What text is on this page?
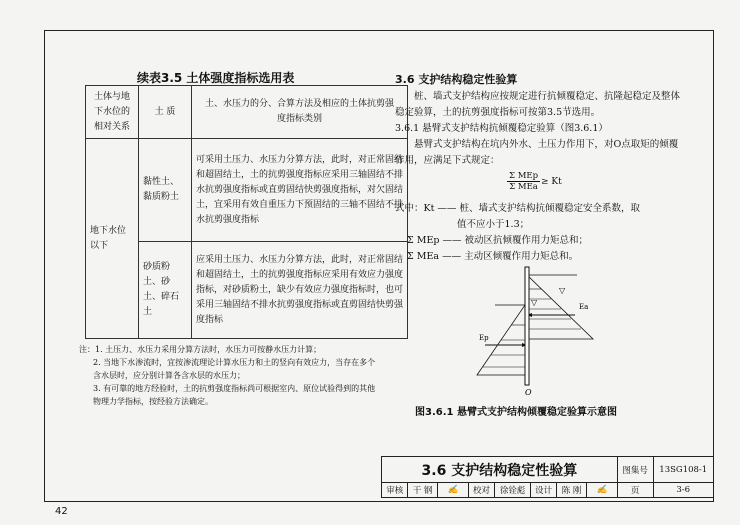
续表3.5 土体强度指标选用表
土体与地下水位的相对关系	土 质	土、水压力的分、合算方法及相应的土体抗剪强度指标类别
地下水位以下	黏性土、黏质粉土	可采用土压力、水压力分算方法，此时，对正常固结和超固结土，土的抗剪强度指标应采用三轴固结不排水抗剪强度指标或直剪固结快剪强度指标，对欠固结土，宜采用有效自重压力下预固结的三轴不固结不排水抗剪强度指标
	砂质粉土、砂土、碎石土	应采用土压力、水压力分算方法，此时，对正常固结和超固结土，土的抗剪强度指标应采用有效应力强度指标，对砂质粉土，缺少有效应力强度指标时，也可采用三轴固结不排水抗剪强度指标或直剪固结快剪强度指标
注：1. 土压力、水压力采用分算方法时，水压力可按静水压力计算；
2. 当地下水渗流时，宜按渗流理论计算水压力和土的竖向有效应力，当存在多个含水层时，应分别计算各含水层的水压力；
3. 有可靠的地方经验时，土的抗剪强度指标尚可根据室内、原位试验得到的其他物理力学指标，按经验方法确定。
3.6 支护结构稳定性验算
桩、墙式支护结构应按规定进行抗倾覆稳定、抗隆起稳定及整体稳定验算，土的抗剪强度指标可按第3.5节选用。
3.6.1 悬臂式支护结构抗倾覆稳定验算（图3.6.1）
悬臂式支护结构在坑内外水、土压力作用下，对O点取矩的倾覆作用，应满足下式规定：
Σ MEp
Σ MEa ≥ Kt
式中：Kt —— 桩、墙式支护结构抗倾覆稳定安全系数，取
值不应小于1.3；
Σ MEp —— 被动区抗倾覆作用力矩总和；
Σ MEa —— 主动区倾覆作用力矩总和。
Ea
Ep
▽
▽
O
图3.6.1 悬臂式支护结构倾覆稳定验算示意图
3.6 支护结构稳定性验算								图集号	13SG108-1
审核	干 钢	✍	校对	徐铨彪	设计	陈 刚	✍	页	3-6
42
